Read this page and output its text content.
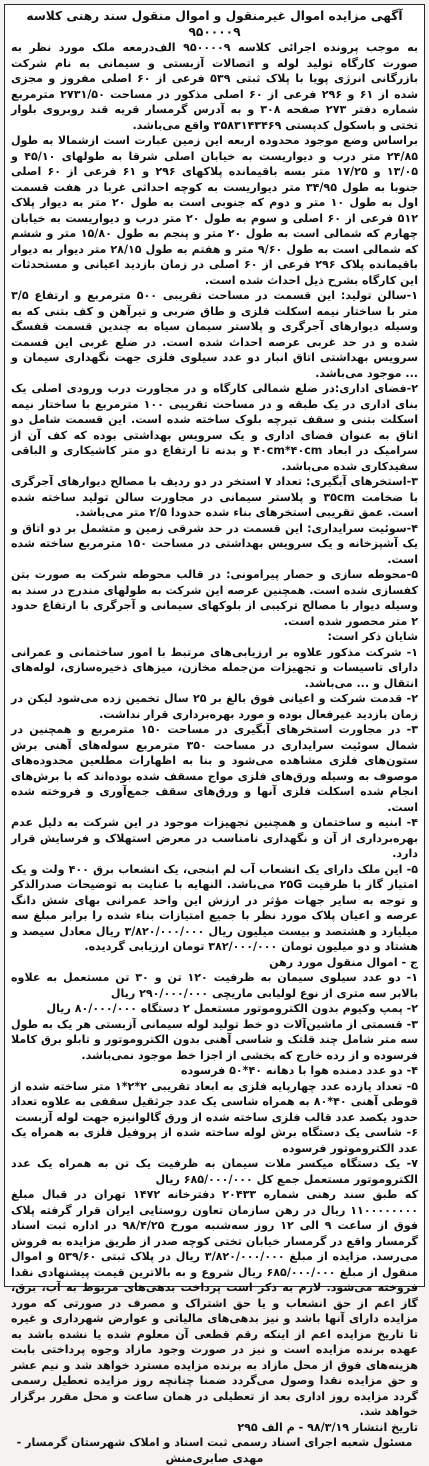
آگهی مزایده اموال غیرمنقول و اموال منقول سند رهنی کلاسه ۹۵۰۰۰۰۹

به موجب پرونده اجرائی کلاسه ۹۵۰۰۰۰۹ الف‌درمعه ملک مورد نظر به صورت کارگاه تولید لوله و اتصالات آزبستی و سیمانی به نام شرکت بازرگانی انرژی پویا با پلاک ثبتی ۵۳۹ فرعی از ۶۰ اصلی مفروز و مجزی شده از ۶۱ و ۲۹۶ فرعی از ۶۰ اصلی مذکور در مساحت ۲۷۳۱/۵۰ مترمربع شماره دفتر ۲۷۳ صفحه ۳۰۸ و به آدرس گرمسار قریه قند روبروی بلوار تختی و باسکول کدپستی ۳۵۸۳۱۴۳۴۶۹ واقع می‌باشد.

براساس وضع موجود محدوده اربعه این زمین عبارت است ازشمالا به طول ۲۴/۸۵ متر درب و دیواریست به خیابان اصلی شرقا به طولهای ۴۵/۱۰ و ۱۳/۰۵ و ۱۷/۲۵ متر بسه باقیمانده پلاکهای ۲۹۶ و ۶۱ فرعی از ۶۰ اصلی جنوبا به طول ۳۴/۹۵ متر دیواریست به کوچه احداثی غربا در هفت قسمت اول به طول ۱۰ متر و دوم که جنوبی است به طول ۲۰ متر به دیوار پلاک ۵۱۲ فرعی از ۶۰ اصلی و سوم به طول ۲۰ متر درب و دیواریست به خیابان چهارم که شمالی است به طول ۲۰ متر و پنجم به طول ۱۵/۸۰ متر و ششم که شمالی است به طول ۹/۶۰ متر و هفتم به طول ۲۸/۱۵ متر دیوار به دیوار باقیمانده پلاک ۲۹۶ فرعی از ۶۰ اصلی در زمان بازدید اعیانی و مستحدثات این کارگاه بشرح ذیل احداث شده است.

۱-سالن تولید: این قسمت در مساحت تقریبی ۵۰۰ مترمربع و ارتفاع ۳/۵ متر با ساختار نیمه اسکلت فلزی و طاق ضربی و تیرآهن و کف بتنی که به وسیله دیوارهای آجرگری و پلاستر سیمان سیاه به چندین قسمت قفسگ شده و در حد غربی عرصه احداث شده است. در ضلع غربی این قسمت سرویس بهداشتی اتاق انبار دو عدد سیلوی فلزی جهت نگهداری سیمان و ... موجود می‌باشد.

۲-فضای اداری:در ضلع شمالی کارگاه و در مجاورت درب ورودی اصلی یک بنای اداری در یک طبقه و در مساحت تقریبی ۱۰۰ مترمربع با ساختار نیمه اسکلت بتنی و سقف تیرچه بلوک ساخته شده است. این قسمت شامل دو اتاق به عنوان فضای اداری و یک سرویس بهداشتی بوده که کف آن از سرامیک در ابعاد ۴۰cm*۴۰cm و بدنه تا ارتفاع دو متر کاشیکاری و الباقی سفیدکاری شده می‌باشد.

۳-استخرهای آبگیری: تعداد ۷ استخر در دو ردیف با مصالح دیوارهای آجرگری با ضخامت ۳۵cm و پلاستر سیمانی در مجاورت سالن تولید ساخته شده است. عمق تقریبی استخرهای بناء شده حدودا ۲/۵ متر می‌باشد.

۴-سوئیت سرایداری: این قسمت در حد شرقی زمین و متشمل بر دو اتاق و یک آشپزخانه و یک سرویس بهداشتی در مساحت ۱۵۰ مترمربع ساخته شده است.

۵-محوطه سازی و حصار پیرامونی: در قالب محوطه شرکت به صورت بتن کفسازی شده است. همچنین عرصه این شرکت به طولهای مندرج در سند به وسیله دیوار با مصالح ترکیبی از بلوکهای سیمانی و آجرگری با ارتفاع حدود ۲ متر محصور شده است.

شایان ذکر است:

۱- شرکت مذکور علاوه بر ارزیابی‌های مرتبط با امور ساختمانی و عمرانی دارای تاسیسات و تجهیزات من‌جمله مخازن، میزهای ذخیره‌سازی، لوله‌های انتقال و ... می‌باشد.

۲- قدمت شرکت و اعیانی فوق بالغ بر ۲۵ سال تخمین زده می‌شود لیکن در زمان بازدید غیرفعال بوده و مورد بهره‌برداری قرار نداشت.

۳- در مجاورت استخرهای آبگیری در مساحت ۱۵۰ مترمربع و همچنین در شمال سوئیت سرایداری در مساحت ۳۵۰ مترمربع سوله‌های آهنی برش ستون‌های فلزی مشاهده می‌شود و بنا به اظهارات مطلعین محدوده‌های موصوف به وسیله ورق‌های فلزی مواج مسقف شده بوده‌اند که با برش‌های انجام شده اسکلت فلزی آنها و ورق‌های سقف جمع‌آوری و فروخته شده است.

۴- ابنیه و ساختمان و همچنین تجهیزات موجود در این شرکت به دلیل عدم بهره‌برداری از آن و نگهداری نامناسب در معرض استهلاک و فرسایش قرار دارد.

۵- این ملک دارای یک انشعاب آب لم ابنجی، یک انشعاب برق ۴۰۰ ولت و یک امتیاز گاز با ظرفیت ۲۵G می‌باشد. النهایه با عنایت به توضیحات صدرالذکر و توجه به سایر جهات مؤثر در ارزش این واحد عمرانی بهای شش دانگ عرصه و اعیان پلاک مورد نظر با جمیع امتیازات بناء شده را برابر مبلغ سه میلیارد و هشتصد و بیست میلیون ریال ۳/۸۲۰/۰۰۰/۰۰۰ ریال معادل سیصد و هشتاد و دو میلیون تومان ۳۸۲/۰۰۰/۰۰۰ تومان ارزیابی گردیده.

ج - اموال منقول مورد رهن

۱- دو عدد سیلوی سیمان به ظرفیت ۱۲۰ تن و ۳۰ تن مستعمل به علاوه بالابر سه متری از نوع لولیابی ماریچی ۲۹۰/۰۰۰/۰۰۰ ریال

۲- پمپ وکیوم بدون الکتروموتور مستعمل ۲ دستگاه ۸۰/۰۰۰/۰۰۰ ریال

۳- قسمتی از ماشین‌آلات دو خط تولید لوله سیمانی آزبستی هر یک به طول سه متر شامل چند قلتک و شاسی آهنی بدون الکتروموتور و تابلو برق کاملا فرسوده و از رده خارج که بخشی از اجزا خط موجود نمی‌باشد.

۴- دو عدد دمنده هوا با دهانه ۴۰*۵۰ فرسوده

۵- تعداد یازده عدد چهارپایه فلزی به ابعاد تقریبی ۲*۲*۱ متر ساخته شده از قوطی آهنی ۴۰*۸۰ به همراه شاسی یک عدد جرثقیل سقفی به علاوه تعداد حدود یکصد عدد قالب فلزی ساخته شده از ورق گالوانیزه جهت لوله آزبست

۶- شاسی یک دستگاه برش لوله ساخته شده از پروفیل فلزی به همراه یک عدد الکتروموتور فرسوده

۷- یک دستگاه میکسر ملات سیمان به ظرفیت یک تن به همراه یک عدد الکتروموتور مستعمل جمع کل ۶۸۵/۰۰۰/۰۰۰ ریال

که طبق سند رهنی شماره ۲۰۴۳۳ دفترخانه ۱۴۷۲ تهران در قبال مبلغ ۱۱۰۰۰۰۰۰۰۰ ریال در رهن سازمان تعاون روستایی ایران قرار گرفته پلاک فوق از ساعت ۹ الی ۱۲ روز سه‌شنبه مورخ ۹۸/۴/۲۵ در اداره ثبت اسناد گرمسار واقع در گرمسار خیابان تختی کوچه صدر از طریق مزایده به فروش می‌رسد. مزایده از مبلغ ۳/۸۲۰/۰۰۰/۰۰۰ ریال در پلاک ثبتی ۵۳۹/۶۰ و اموال منقول از مبلغ ۶۸۵/۰۰۰/۰۰۰ ریال شروع و به بالاترین قیمت پیشنهادی نقدا فروخته می‌شود. لازم به ذکر است پرداخت بدهی‌های مربوط به آب، برق، گاز اعم از حق انشعاب و یا حق اشتراک و مصرف در صورتی که مورد مزایده دارای آنها باشد و نیز بدهی‌های مالیاتی و عوارض شهرداری و غیره تا تاریخ مزایده اعم از اینکه رقم قطعی آن معلوم شده یا نشده باشد به عهده برنده مزایده است و نیز در صورت وجود مازاد وجوه پرداختی بابت هزینه‌های فوق از محل مازاد به برنده مزایده مسترد خواهد شد و نیم عشر و حق مزایده نقدا وصول می‌گردد ضمنا چنانچه روز مزایده تعطیل رسمی گردد مزایده روز اداری بعد از تعطیلی در همان ساعت و محل مقرر برگزار خواهد شد.

تاریخ انتشار ۹۸/۳/۱۹ - م الف ۲۹۵

مسئول شعبه اجرای اسناد رسمی ثبت اسناد و املاک شهرستان گرمسار - مهدی صابری‌منش
